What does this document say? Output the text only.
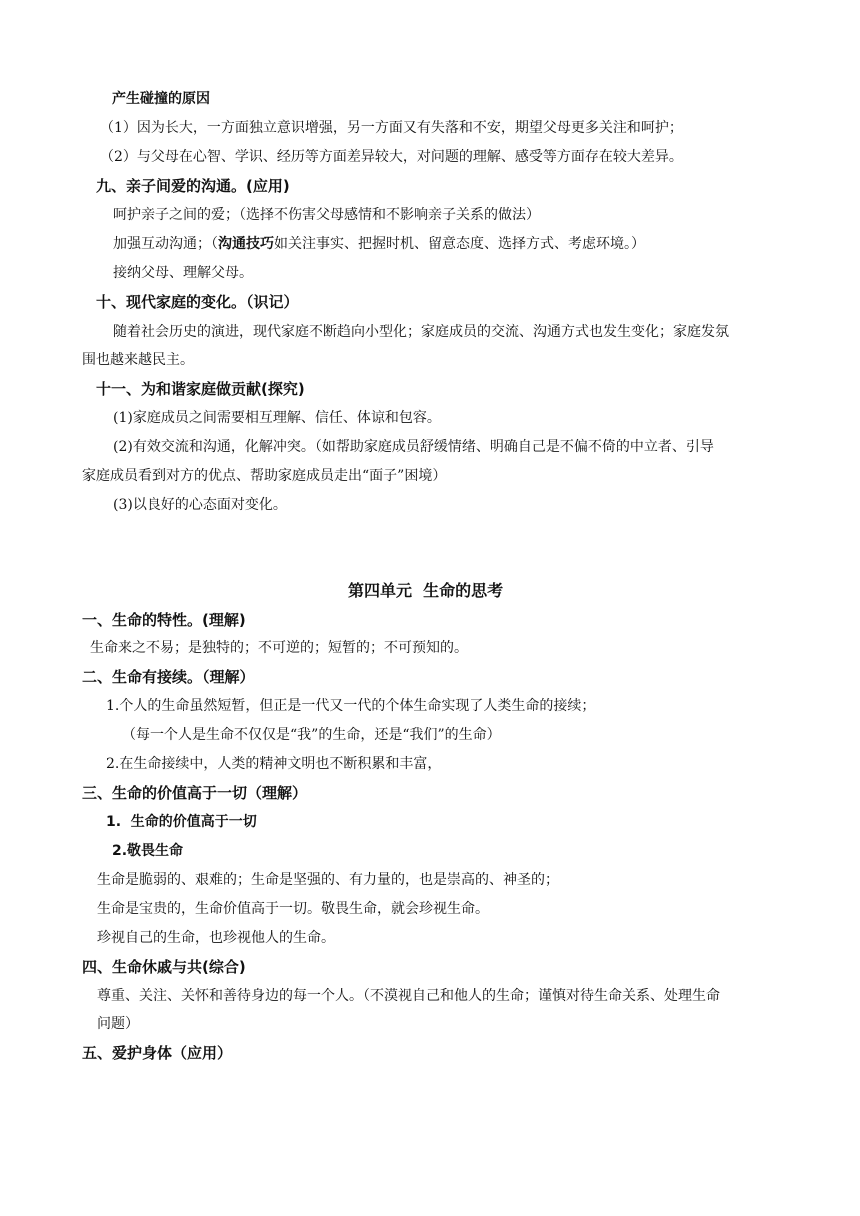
产生碰撞的原因
（1）因为长大，一方面独立意识增强，另一方面又有失落和不安，期望父母更多关注和呵护；
（2）与父母在心智、学识、经历等方面差异较大，对问题的理解、感受等方面存在较大差异。
九、亲子间爱的沟通。(应用)
呵护亲子之间的爱；（选择不伤害父母感情和不影响亲子关系的做法）
加强互动沟通；（沟通技巧如关注事实、把握时机、留意态度、选择方式、考虑环境。）
接纳父母、理解父母。
十、现代家庭的变化。（识记）
随着社会历史的演进，现代家庭不断趋向小型化；家庭成员的交流、沟通方式也发生变化；家庭发氛
围也越来越民主。
十一、为和谐家庭做贡献(探究)
(1)家庭成员之间需要相互理解、信任、体谅和包容。
(2)有效交流和沟通，化解冲突。（如帮助家庭成员舒缓情绪、明确自己是不偏不倚的中立者、引导
家庭成员看到对方的优点、帮助家庭成员走出“面子”困境）
(3)以良好的心态面对变化。
第四单元  生命的思考
一、生命的特性。(理解)
生命来之不易；是独特的；不可逆的；短暂的；不可预知的。
二、生命有接续。（理解）
1.个人的生命虽然短暂，但正是一代又一代的个体生命实现了人类生命的接续；
（每一个人是生命不仅仅是“我”的生命，还是“我们”的生命）
2.在生命接续中，人类的精神文明也不断积累和丰富，
三、生命的价值高于一切（理解）
1.  生命的价值高于一切
2.敬畏生命
生命是脆弱的、艰难的；生命是坚强的、有力量的，也是崇高的、神圣的；
生命是宝贵的，生命价值高于一切。敬畏生命，就会珍视生命。
珍视自己的生命，也珍视他人的生命。
四、生命休戚与共(综合)
尊重、关注、关怀和善待身边的每一个人。（不漠视自己和他人的生命；谨慎对待生命关系、处理生命
问题）
五、爱护身体（应用）
